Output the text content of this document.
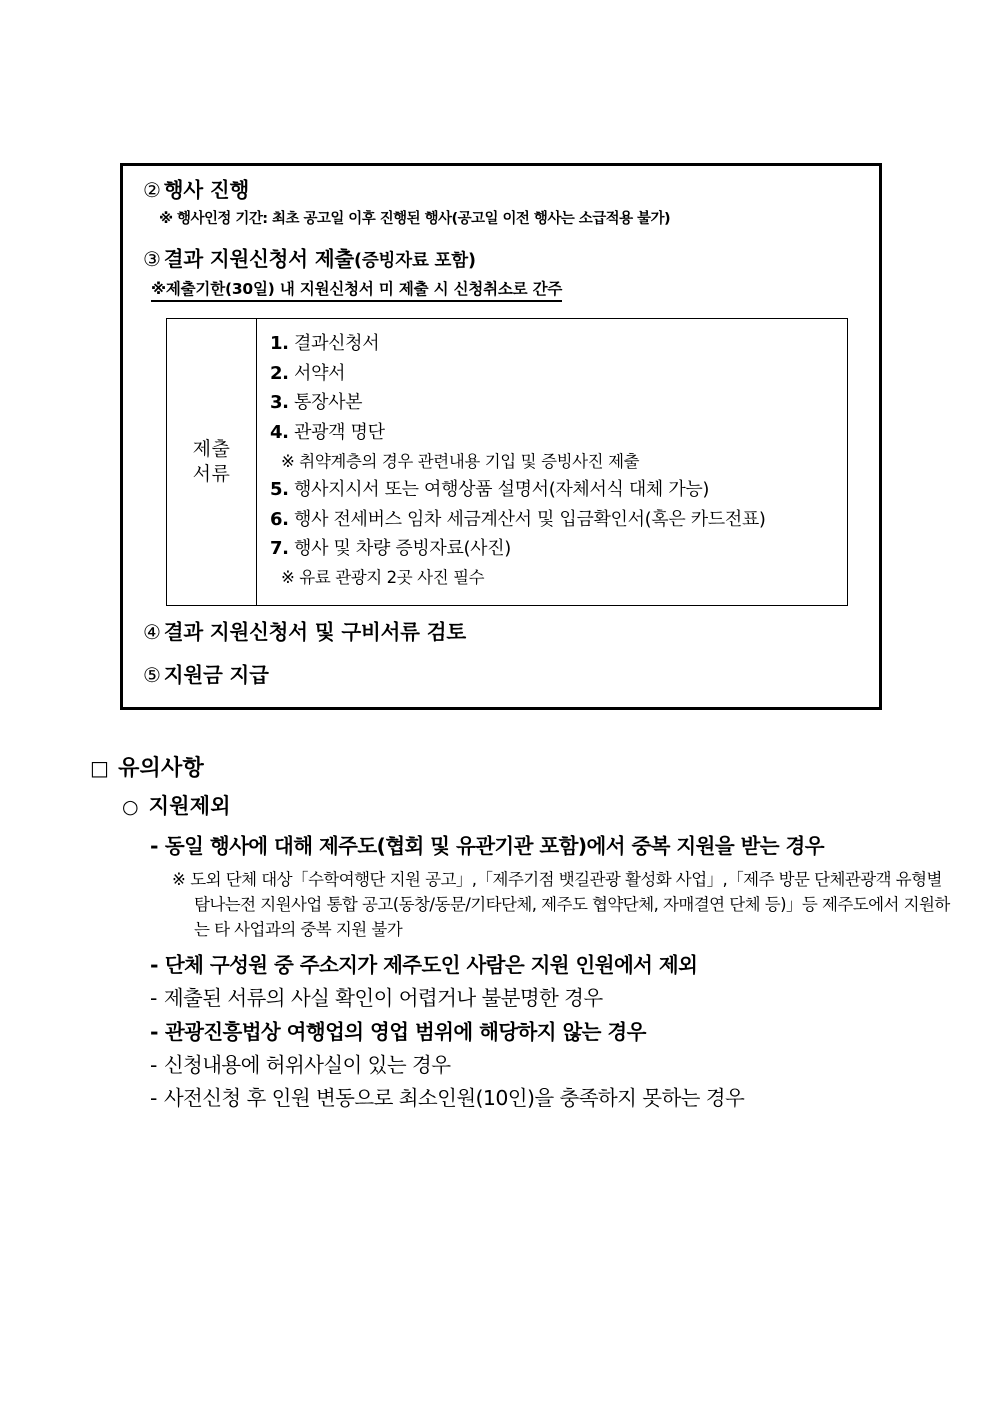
② 행사 진행
※ 행사인정 기간: 최초 공고일 이후 진행된 행사(공고일 이전 행사는 소급적용 불가)
③ 결과 지원신청서 제출(증빙자료 포함)
※제출기한(30일) 내 지원신청서 미 제출 시 신청취소로 간주
제출
서류
1. 결과신청서
2. 서약서
3. 통장사본
4. 관광객 명단
※ 취약계층의 경우 관련내용 기입 및 증빙사진 제출
5. 행사지시서 또는 여행상품 설명서(자체서식 대체 가능)
6. 행사 전세버스 임차 세금계산서 및 입금확인서(혹은 카드전표)
7. 행사 및 차량 증빙자료(사진)
※ 유료 관광지 2곳 사진 필수
④ 결과 지원신청서 및 구비서류 검토
⑤ 지원금 지급
□ 유의사항
○ 지원제외
- 동일 행사에 대해 제주도(협회 및 유관기관 포함)에서 중복 지원을 받는 경우
※ 도외 단체 대상「수학여행단 지원 공고」,「제주기점 뱃길관광 활성화 사업」,「제주 방문 단체관광객 유형별 탐나는전 지원사업 통합 공고(동창/동문/기타단체, 제주도 협약단체, 자매결연 단체 등)」등 제주도에서 지원하는 타 사업과의 중복 지원 불가
- 단체 구성원 중 주소지가 제주도인 사람은 지원 인원에서 제외
- 제출된 서류의 사실 확인이 어렵거나 불분명한 경우
- 관광진흥법상 여행업의 영업 범위에 해당하지 않는 경우
- 신청내용에 허위사실이 있는 경우
- 사전신청 후 인원 변동으로 최소인원(10인)을 충족하지 못하는 경우
